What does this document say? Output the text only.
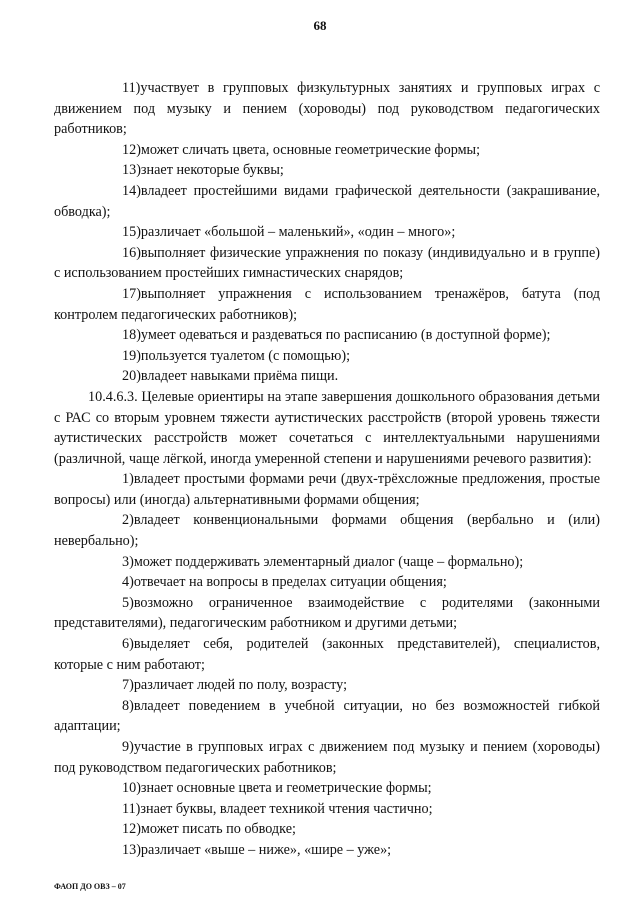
68

11)участвует в групповых физкультурных занятиях и групповых играх с движением под музыку и пением (хороводы) под руководством педагогических работников;

12)может сличать цвета, основные геометрические формы;

13)знает некоторые буквы;

14)владеет простейшими видами графической деятельности (закрашивание, обводка);

15)различает «большой – маленький», «один – много»;

16)выполняет физические упражнения по показу (индивидуально и в группе) с использованием простейших гимнастических снарядов;

17)выполняет упражнения с использованием тренажёров, батута (под контролем педагогических работников);

18)умеет одеваться и раздеваться по расписанию (в доступной форме);

19)пользуется туалетом (с помощью);

20)владеет навыками приёма пищи.

10.4.6.3. Целевые ориентиры на этапе завершения дошкольного образования детьми с РАС со вторым уровнем тяжести аутистических расстройств (второй уровень тяжести аутистических расстройств может сочетаться с интеллектуальными нарушениями (различной, чаще лёгкой, иногда умеренной степени и нарушениями речевого развития):

1)владеет простыми формами речи (двух-трёхсложные предложения, простые вопросы) или (иногда) альтернативными формами общения;

2)владеет конвенциональными формами общения (вербально и (или) невербально);

3)может поддерживать элементарный диалог (чаще – формально);

4)отвечает на вопросы в пределах ситуации общения;

5)возможно ограниченное взаимодействие с родителями (законными представителями), педагогическим работником и другими детьми;

6)выделяет себя, родителей (законных представителей), специалистов, которые с ним работают;

7)различает людей по полу, возрасту;

8)владеет поведением в учебной ситуации, но без возможностей гибкой адаптации;

9)участие в групповых играх с движением под музыку и пением (хороводы) под руководством педагогических работников;

10)знает основные цвета и геометрические формы;

11)знает буквы, владеет техникой чтения частично;

12)может писать по обводке;

13)различает «выше – ниже», «шире – уже»;

ФАОП ДО ОВЗ – 07
